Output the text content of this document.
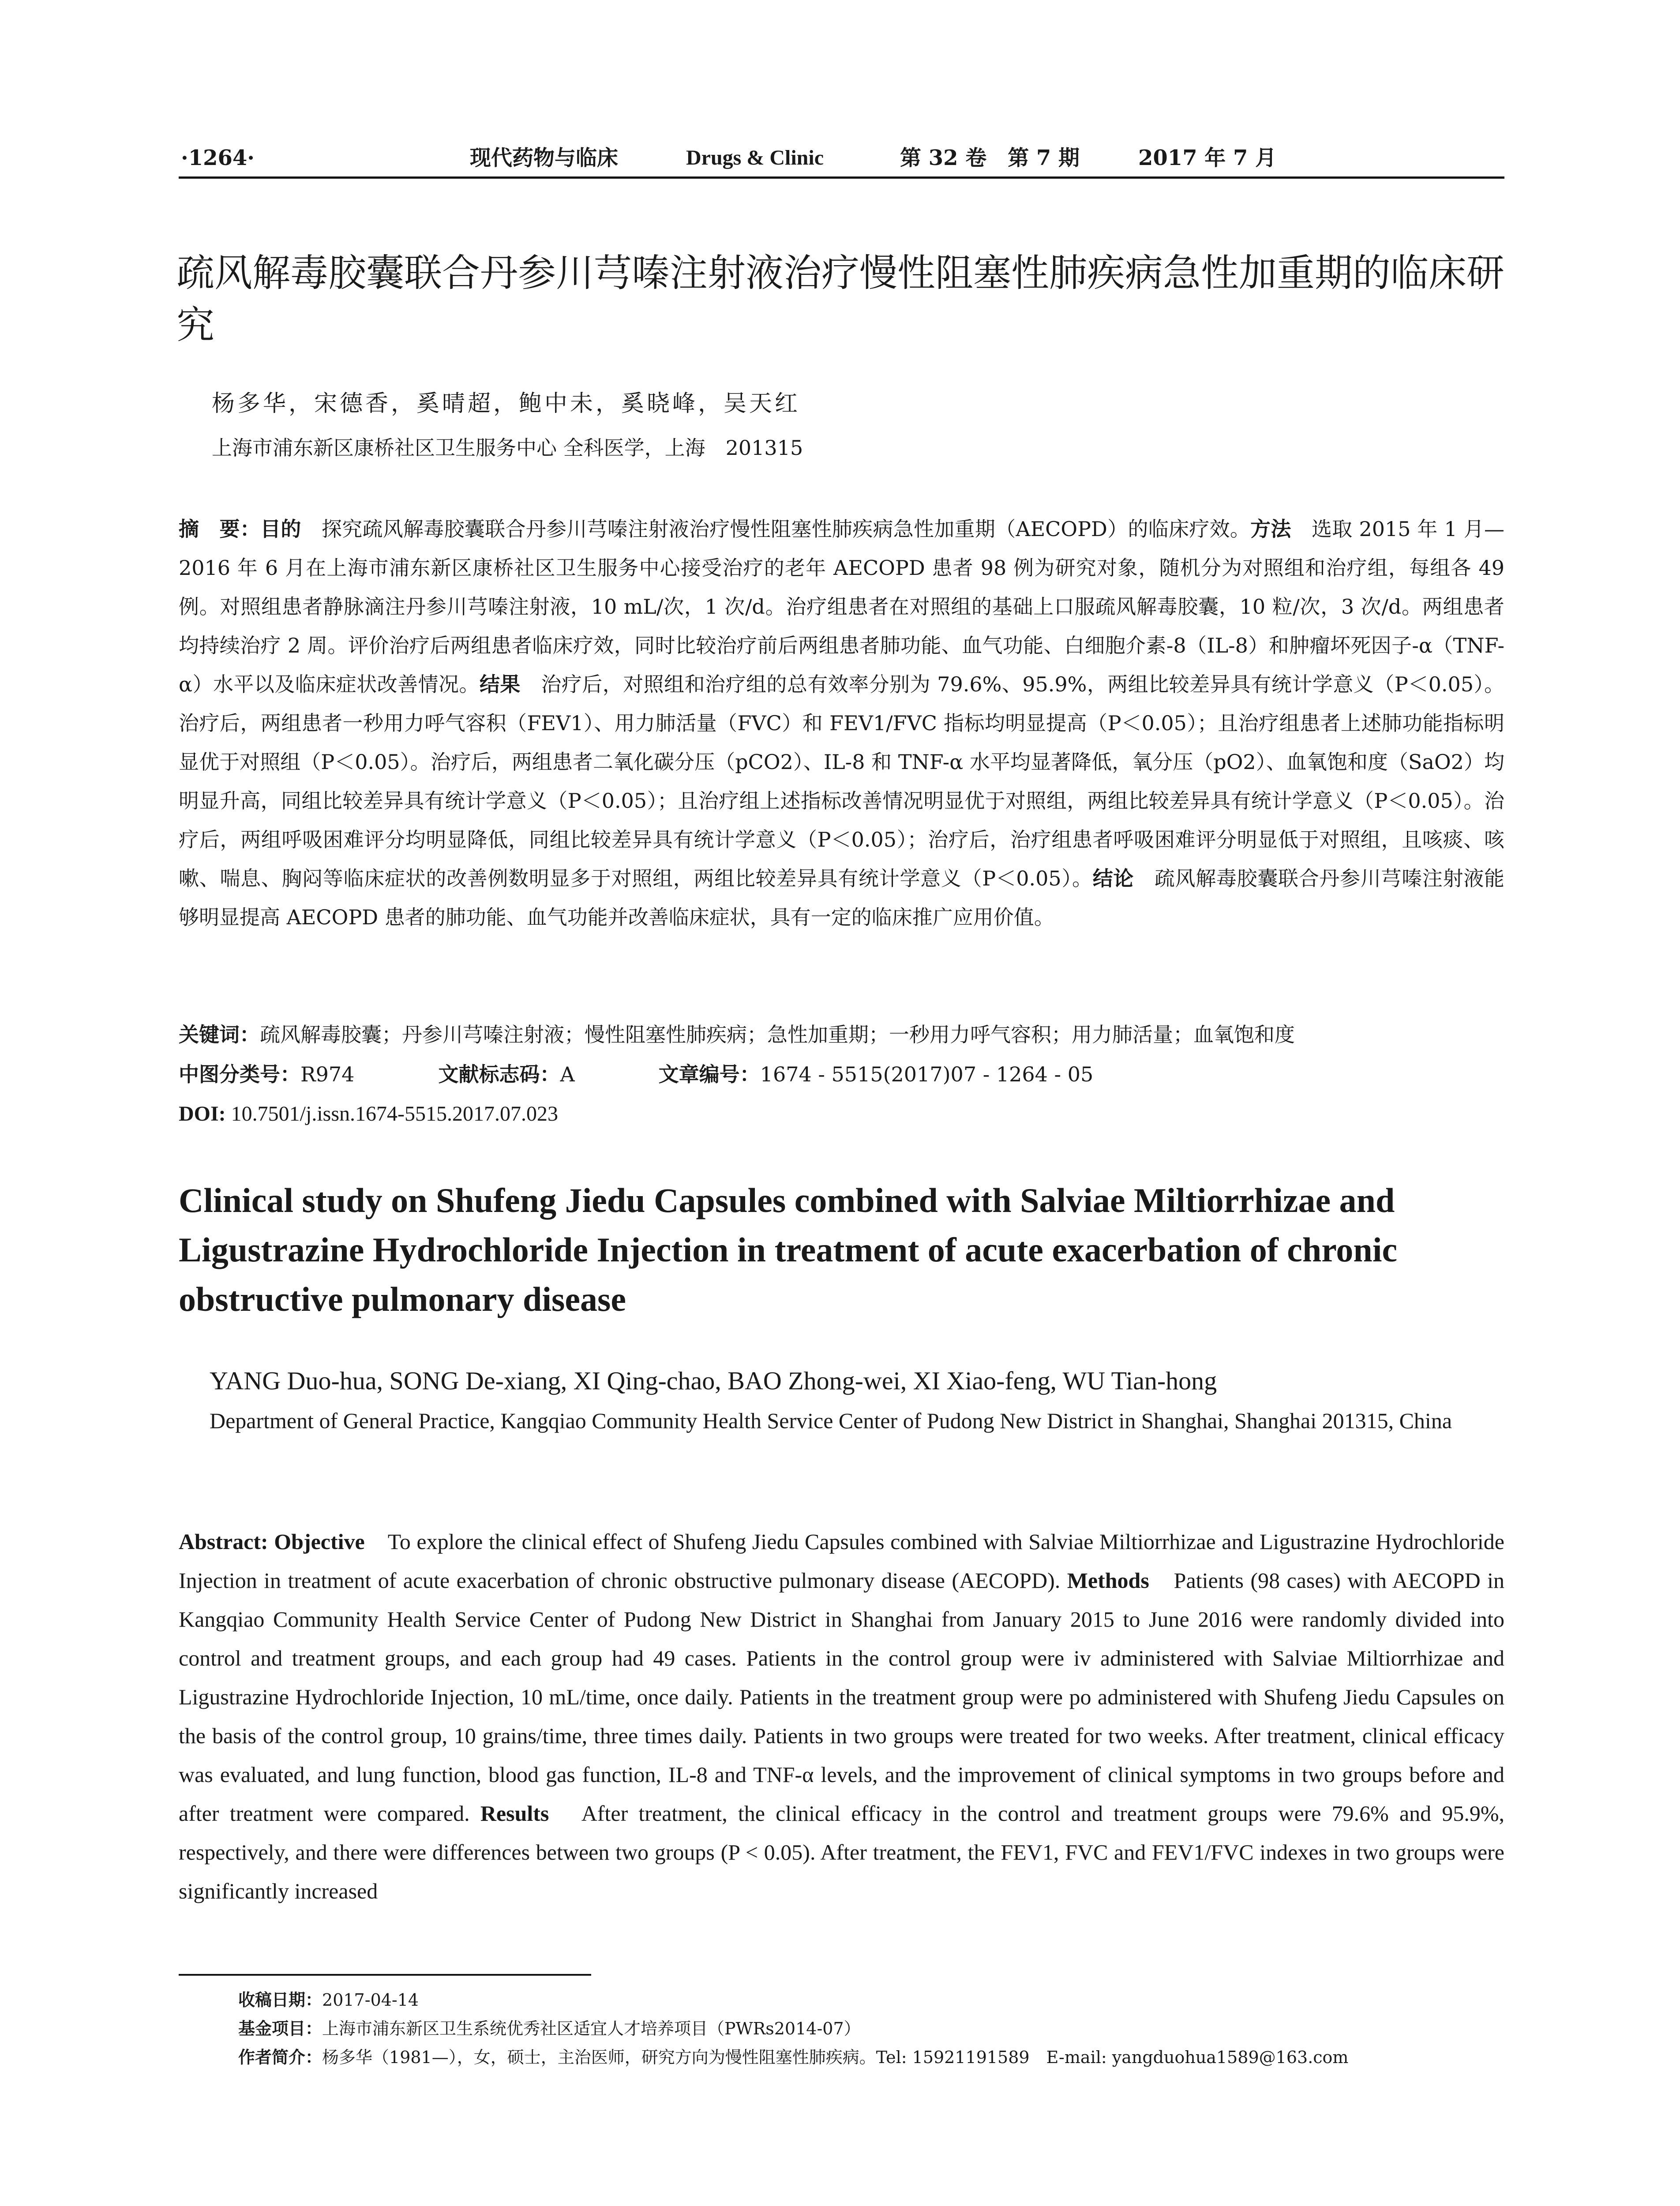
·1264·	现代药物与临床	Drugs & Clinic	第 32 卷　第 7 期	2017 年 7 月
疏风解毒胶囊联合丹参川芎嗪注射液治疗慢性阻塞性肺疾病急性加重期的临床研究
杨多华，宋德香，奚晴超，鲍中未，奚晓峰，吴天红
上海市浦东新区康桥社区卫生服务中心 全科医学，上海　201315

摘　要：目的　 探究疏风解毒胶囊联合丹参川芎嗪注射液治疗慢性阻塞性肺疾病急性加重期（AECOPD）的临床疗效。方法　 选取 2015 年 1 月—2016 年 6 月在上海市浦东新区康桥社区卫生服务中心接受治疗的老年 AECOPD 患者 98 例为研究对象，随机分为对照组和治疗组，每组各 49 例。对照组患者静脉滴注丹参川芎嗪注射液，10 mL/次，1 次/d。治疗组患者在对照组的基础上口服疏风解毒胶囊，10 粒/次，3 次/d。两组患者均持续治疗 2 周。评价治疗后两组患者临床疗效，同时比较治疗前后两组患者肺功能、血气功能、白细胞介素-8（IL-8）和肿瘤坏死因子-α（TNF-α）水平以及临床症状改善情况。结果　 治疗后，对照组和治疗组的总有效率分别为 79.6%、95.9%，两组比较差异具有统计学意义（P＜0.05）。治疗后，两组患者一秒用力呼气容积（FEV1）、用力肺活量（FVC）和 FEV1/FVC 指标均明显提高（P＜0.05）；且治疗组患者上述肺功能指标明显优于对照组（P＜0.05）。治疗后，两组患者二氧化碳分压（pCO2）、IL-8 和 TNF-α 水平均显著降低，氧分压（pO2）、血氧饱和度（SaO2）均明显升高，同组比较差异具有统计学意义（P＜0.05）；且治疗组上述指标改善情况明显优于对照组，两组比较差异具有统计学意义（P＜0.05）。治疗后，两组呼吸困难评分均明显降低，同组比较差异具有统计学意义（P＜0.05）；治疗后，治疗组患者呼吸困难评分明显低于对照组，且咳痰、咳嗽、喘息、胸闷等临床症状的改善例数明显多于对照组，两组比较差异具有统计学意义（P＜0.05）。结论　 疏风解毒胶囊联合丹参川芎嗪注射液能够明显提高 AECOPD 患者的肺功能、血气功能并改善临床症状，具有一定的临床推广应用价值。

关键词：疏风解毒胶囊；丹参川芎嗪注射液；慢性阻塞性肺疾病；急性加重期；一秒用力呼气容积；用力肺活量；血氧饱和度
中图分类号：R974	文献标志码：A	文章编号：1674 - 5515(2017)07 - 1264 - 05
DOI: 10.7501/j.issn.1674-5515.2017.07.023
Clinical study on Shufeng Jiedu Capsules combined with Salviae Miltiorrhizae and Ligustrazine Hydrochloride Injection in treatment of acute exacerbation of chronic obstructive pulmonary disease
YANG Duo-hua, SONG De-xiang, XI Qing-chao, BAO Zhong-wei, XI Xiao-feng, WU Tian-hong

Department of General Practice, Kangqiao Community Health Service Center of Pudong New District in Shanghai, Shanghai 201315, China

Abstract: Objective　 To explore the clinical effect of Shufeng Jiedu Capsules combined with Salviae Miltiorrhizae and Ligustrazine Hydrochloride Injection in treatment of acute exacerbation of chronic obstructive pulmonary disease (AECOPD). Methods　 Patients (98 cases) with AECOPD in Kangqiao Community Health Service Center of Pudong New District in Shanghai from January 2015 to June 2016 were randomly divided into control and treatment groups, and each group had 49 cases. Patients in the control group were iv administered with Salviae Miltiorrhizae and Ligustrazine Hydrochloride Injection, 10 mL/time, once daily. Patients in the treatment group were po administered with Shufeng Jiedu Capsules on the basis of the control group, 10 grains/time, three times daily. Patients in two groups were treated for two weeks. After treatment, clinical efficacy was evaluated, and lung function, blood gas function, IL-8 and TNF-α levels, and the improvement of clinical symptoms in two groups before and after treatment were compared. Results　 After treatment, the clinical efficacy in the control and treatment groups were 79.6% and 95.9%, respectively, and there were differences between two groups (P < 0.05). After treatment, the FEV1, FVC and FEV1/FVC indexes in two groups were significantly increased

收稿日期：2017-04-14
基金项目：上海市浦东新区卫生系统优秀社区适宜人才培养项目（PWRs2014-07）
作者简介：杨多华（1981—），女，硕士，主治医师，研究方向为慢性阻塞性肺疾病。Tel: 15921191589　E-mail: yangduohua1589@163.com
